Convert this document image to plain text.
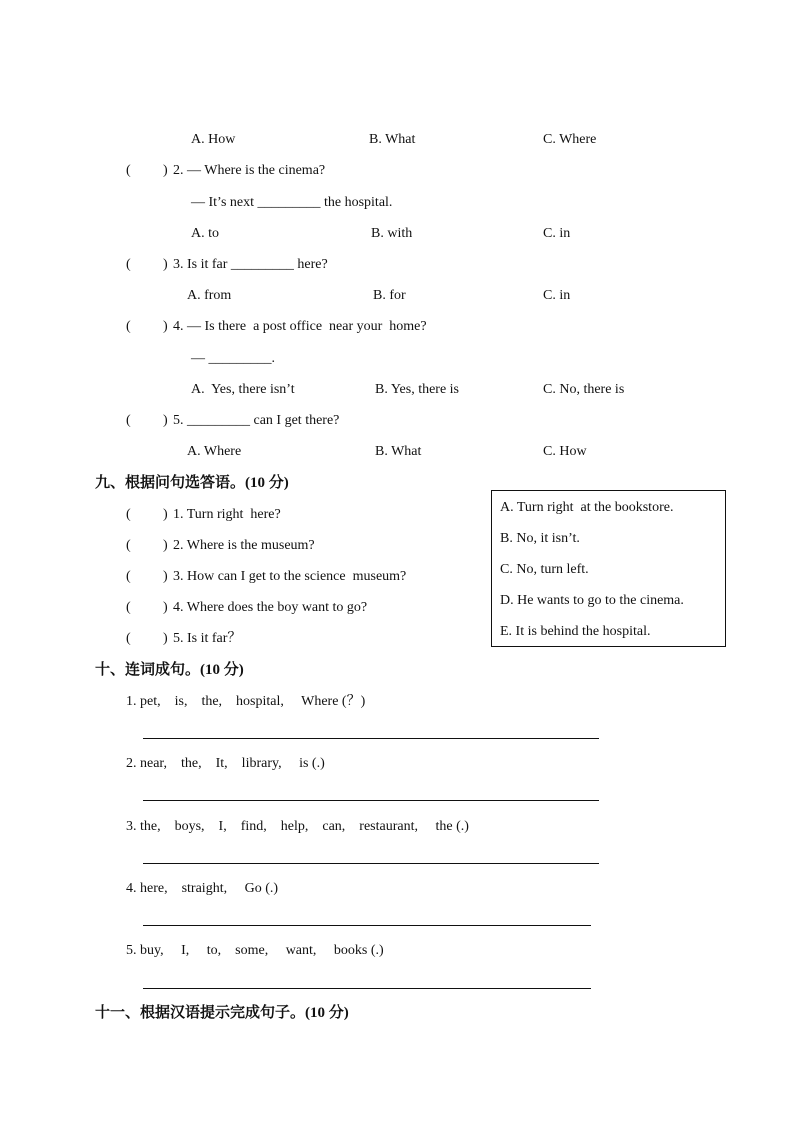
A. How	B. What	C. Where
( ) 2. — Where is the cinema?
— It’s next _________ the hospital.
A. to	B. with	C. in
( ) 3. Is it far _________ here?
A. from	B. for	C. in
( ) 4. — Is there  a post office  near your  home?
— _________.
A.  Yes, there isn’t	B. Yes, there is	C. No, there is
( ) 5. _________ can I get there?
A. Where	B. What	C. How
九、根据问句选答语。(10 分)
( ) 1. Turn right  here?
( ) 2. Where is the museum?
( ) 3. How can I get to the science  museum?
( ) 4. Where does the boy want to go?
( ) 5. Is it far？
A. Turn right  at the bookstore.
B. No, it isn’t.
C. No, turn left.
D. He wants to go to the cinema.
E. It is behind the hospital.
十、连词成句。(10 分)
1. pet,    is,    the,    hospital,     Where (？)
2. near,    the,    It,    library,     is (.)
3. the,    boys,    I,    find,    help,    can,    restaurant,     the (.)
4. here,    straight,     Go (.)
5. buy,     I,     to,    some,     want,     books (.)
十一、根据汉语提示完成句子。(10 分)
